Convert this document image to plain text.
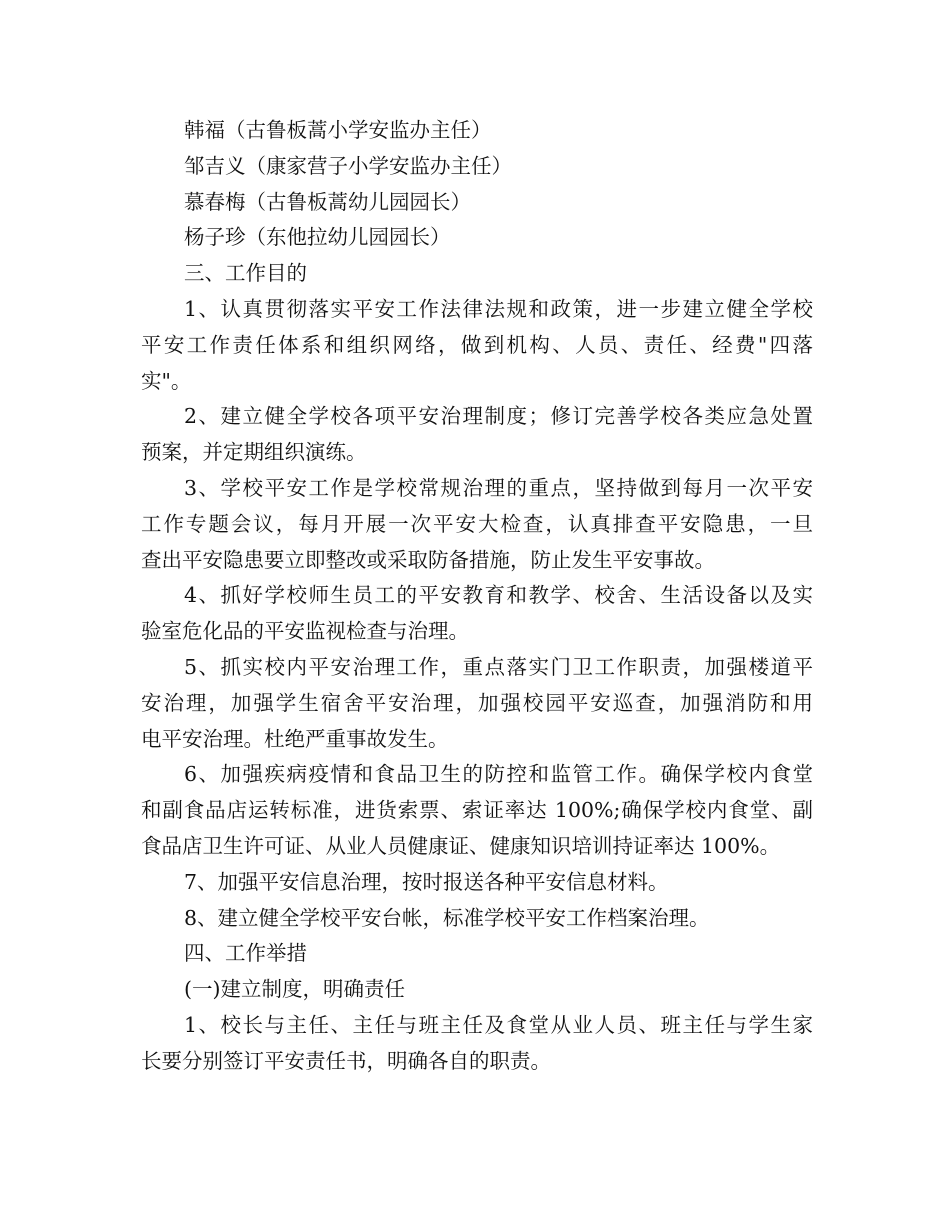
韩福（古鲁板蒿小学安监办主任）

邹吉义（康家营子小学安监办主任）

慕春梅（古鲁板蒿幼儿园园长）

杨子珍（东他拉幼儿园园长）

三、工作目的

1、认真贯彻落实平安工作法律法规和政策，进一步建立健全学校

平安工作责任体系和组织网络，做到机构、人员、责任、经费"四落

实"。

2、建立健全学校各项平安治理制度；修订完善学校各类应急处置

预案，并定期组织演练。

3、学校平安工作是学校常规治理的重点，坚持做到每月一次平安

工作专题会议，每月开展一次平安大检查，认真排查平安隐患，一旦

查出平安隐患要立即整改或采取防备措施，防止发生平安事故。

4、抓好学校师生员工的平安教育和教学、校舍、生活设备以及实

验室危化品的平安监视检查与治理。

5、抓实校内平安治理工作，重点落实门卫工作职责，加强楼道平

安治理，加强学生宿舍平安治理，加强校园平安巡查，加强消防和用

电平安治理。杜绝严重事故发生。

6、加强疾病疫情和食品卫生的防控和监管工作。确保学校内食堂

和副食品店运转标准，进货索票、索证率达 100%;确保学校内食堂、副

食品店卫生许可证、从业人员健康证、健康知识培训持证率达 100%。

7、加强平安信息治理，按时报送各种平安信息材料。

8、建立健全学校平安台帐，标准学校平安工作档案治理。

四、工作举措

(一)建立制度，明确责任

1、校长与主任、主任与班主任及食堂从业人员、班主任与学生家

长要分别签订平安责任书，明确各自的职责。
